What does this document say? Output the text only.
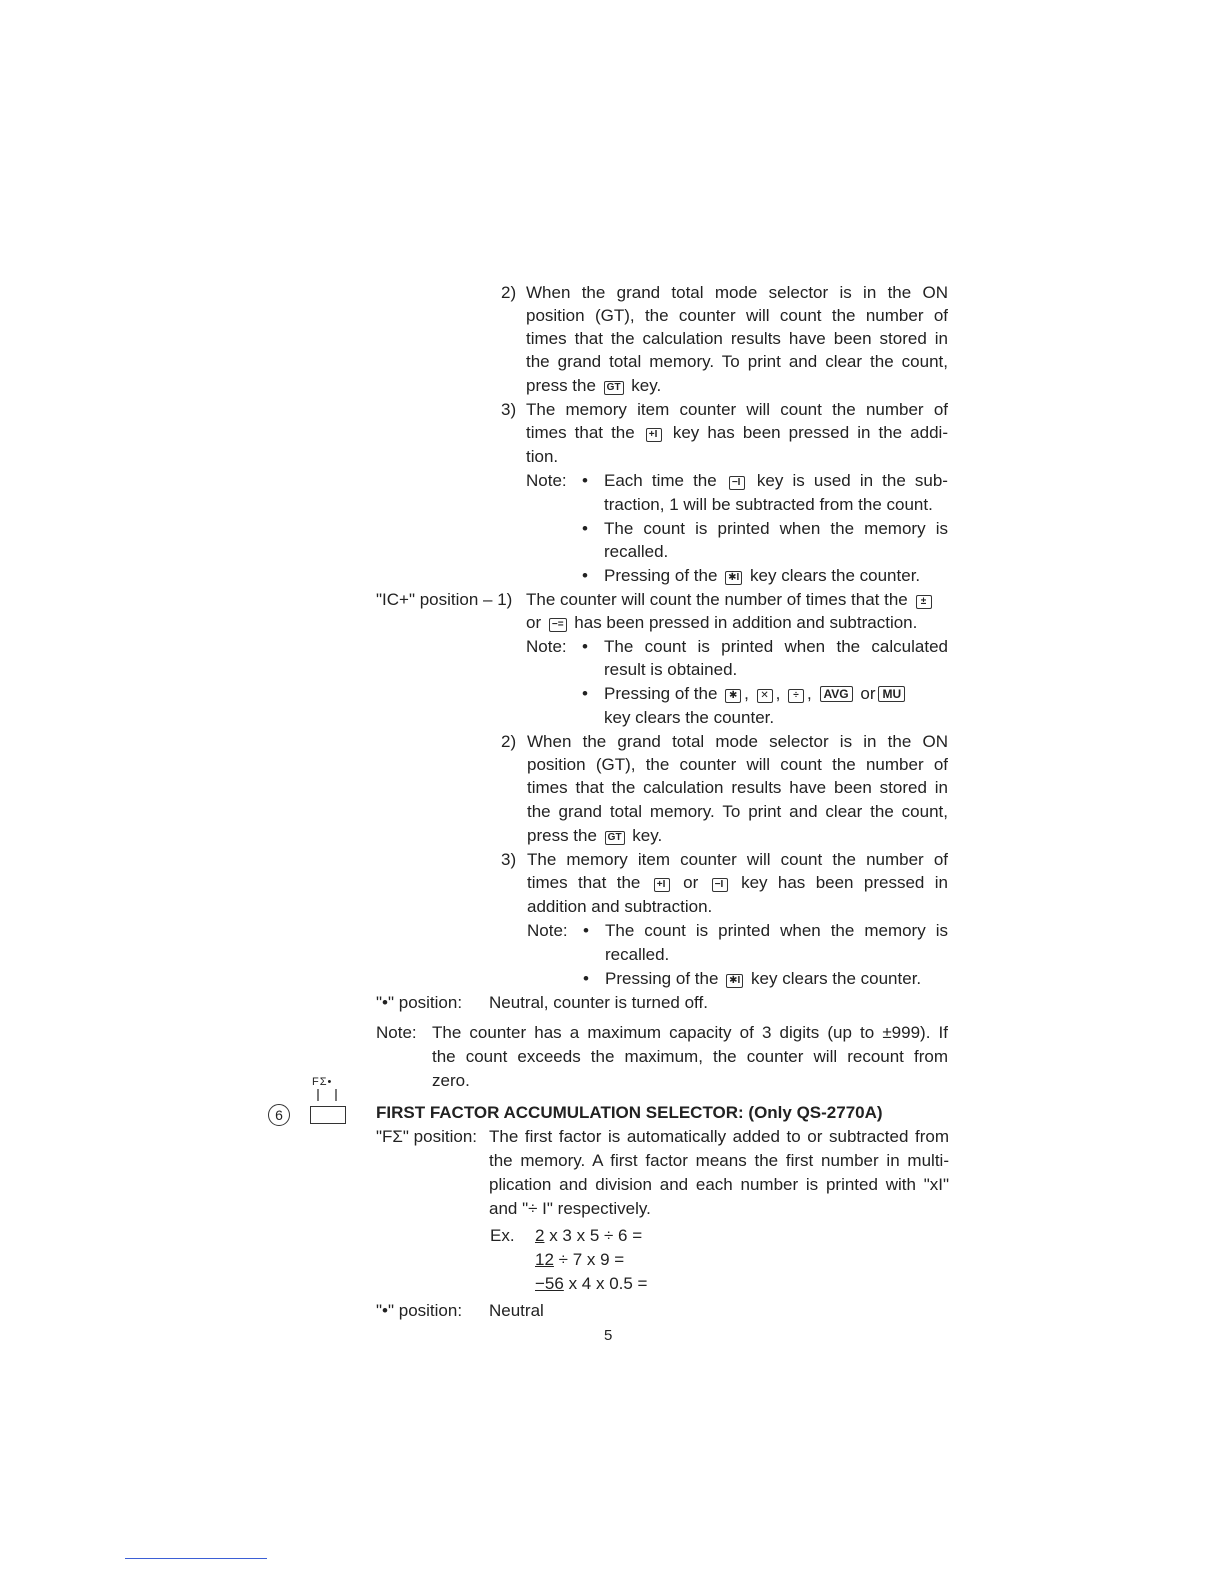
2) When the grand total mode selector is in the ON
position (GT), the counter will count the number of
times that the calculation results have been stored in
the grand total memory. To print and clear the count,
press the GT key.
3) The memory item counter will count the number of
times that the +I key has been pressed in the addi-
tion.
Note: • Each time the −I key is used in the sub-
traction, 1 will be subtracted from the count.
• The count is printed when the memory is
recalled.
• Pressing of the ✱I key clears the counter.
"IC+" position – 1) The counter will count the number of times that the ±
or −= has been pressed in addition and subtraction.
Note: • The count is printed when the calculated
result is obtained.
• Pressing of the ✱ , ✕ , ÷ , AVG or MU
key clears the counter.
2) When the grand total mode selector is in the ON
position (GT), the counter will count the number of
times that the calculation results have been stored in
the grand total memory. To print and clear the count,
press the GT key.
3) The memory item counter will count the number of
times that the +I or −I key has been pressed in
addition and subtraction.
Note: • The count is printed when the memory is
recalled.
• Pressing of the ✱I key clears the counter.
"•" position: Neutral, counter is turned off.
Note: The counter has a maximum capacity of 3 digits (up to ±999). If
the count exceeds the maximum, the counter will recount from
zero.
FΣ•
6	FIRST FACTOR ACCUMULATION SELECTOR: (Only QS-2770A)
"FΣ" position: The first factor is automatically added to or subtracted from
the memory. A first factor means the first number in multi-
plication and division and each number is printed with "xI"
and "÷ I" respectively.
Ex. 2 x 3 x 5 ÷ 6 =
12 ÷ 7 x 9 =
−56 x 4 x 0.5 =
"•" position: Neutral
5
